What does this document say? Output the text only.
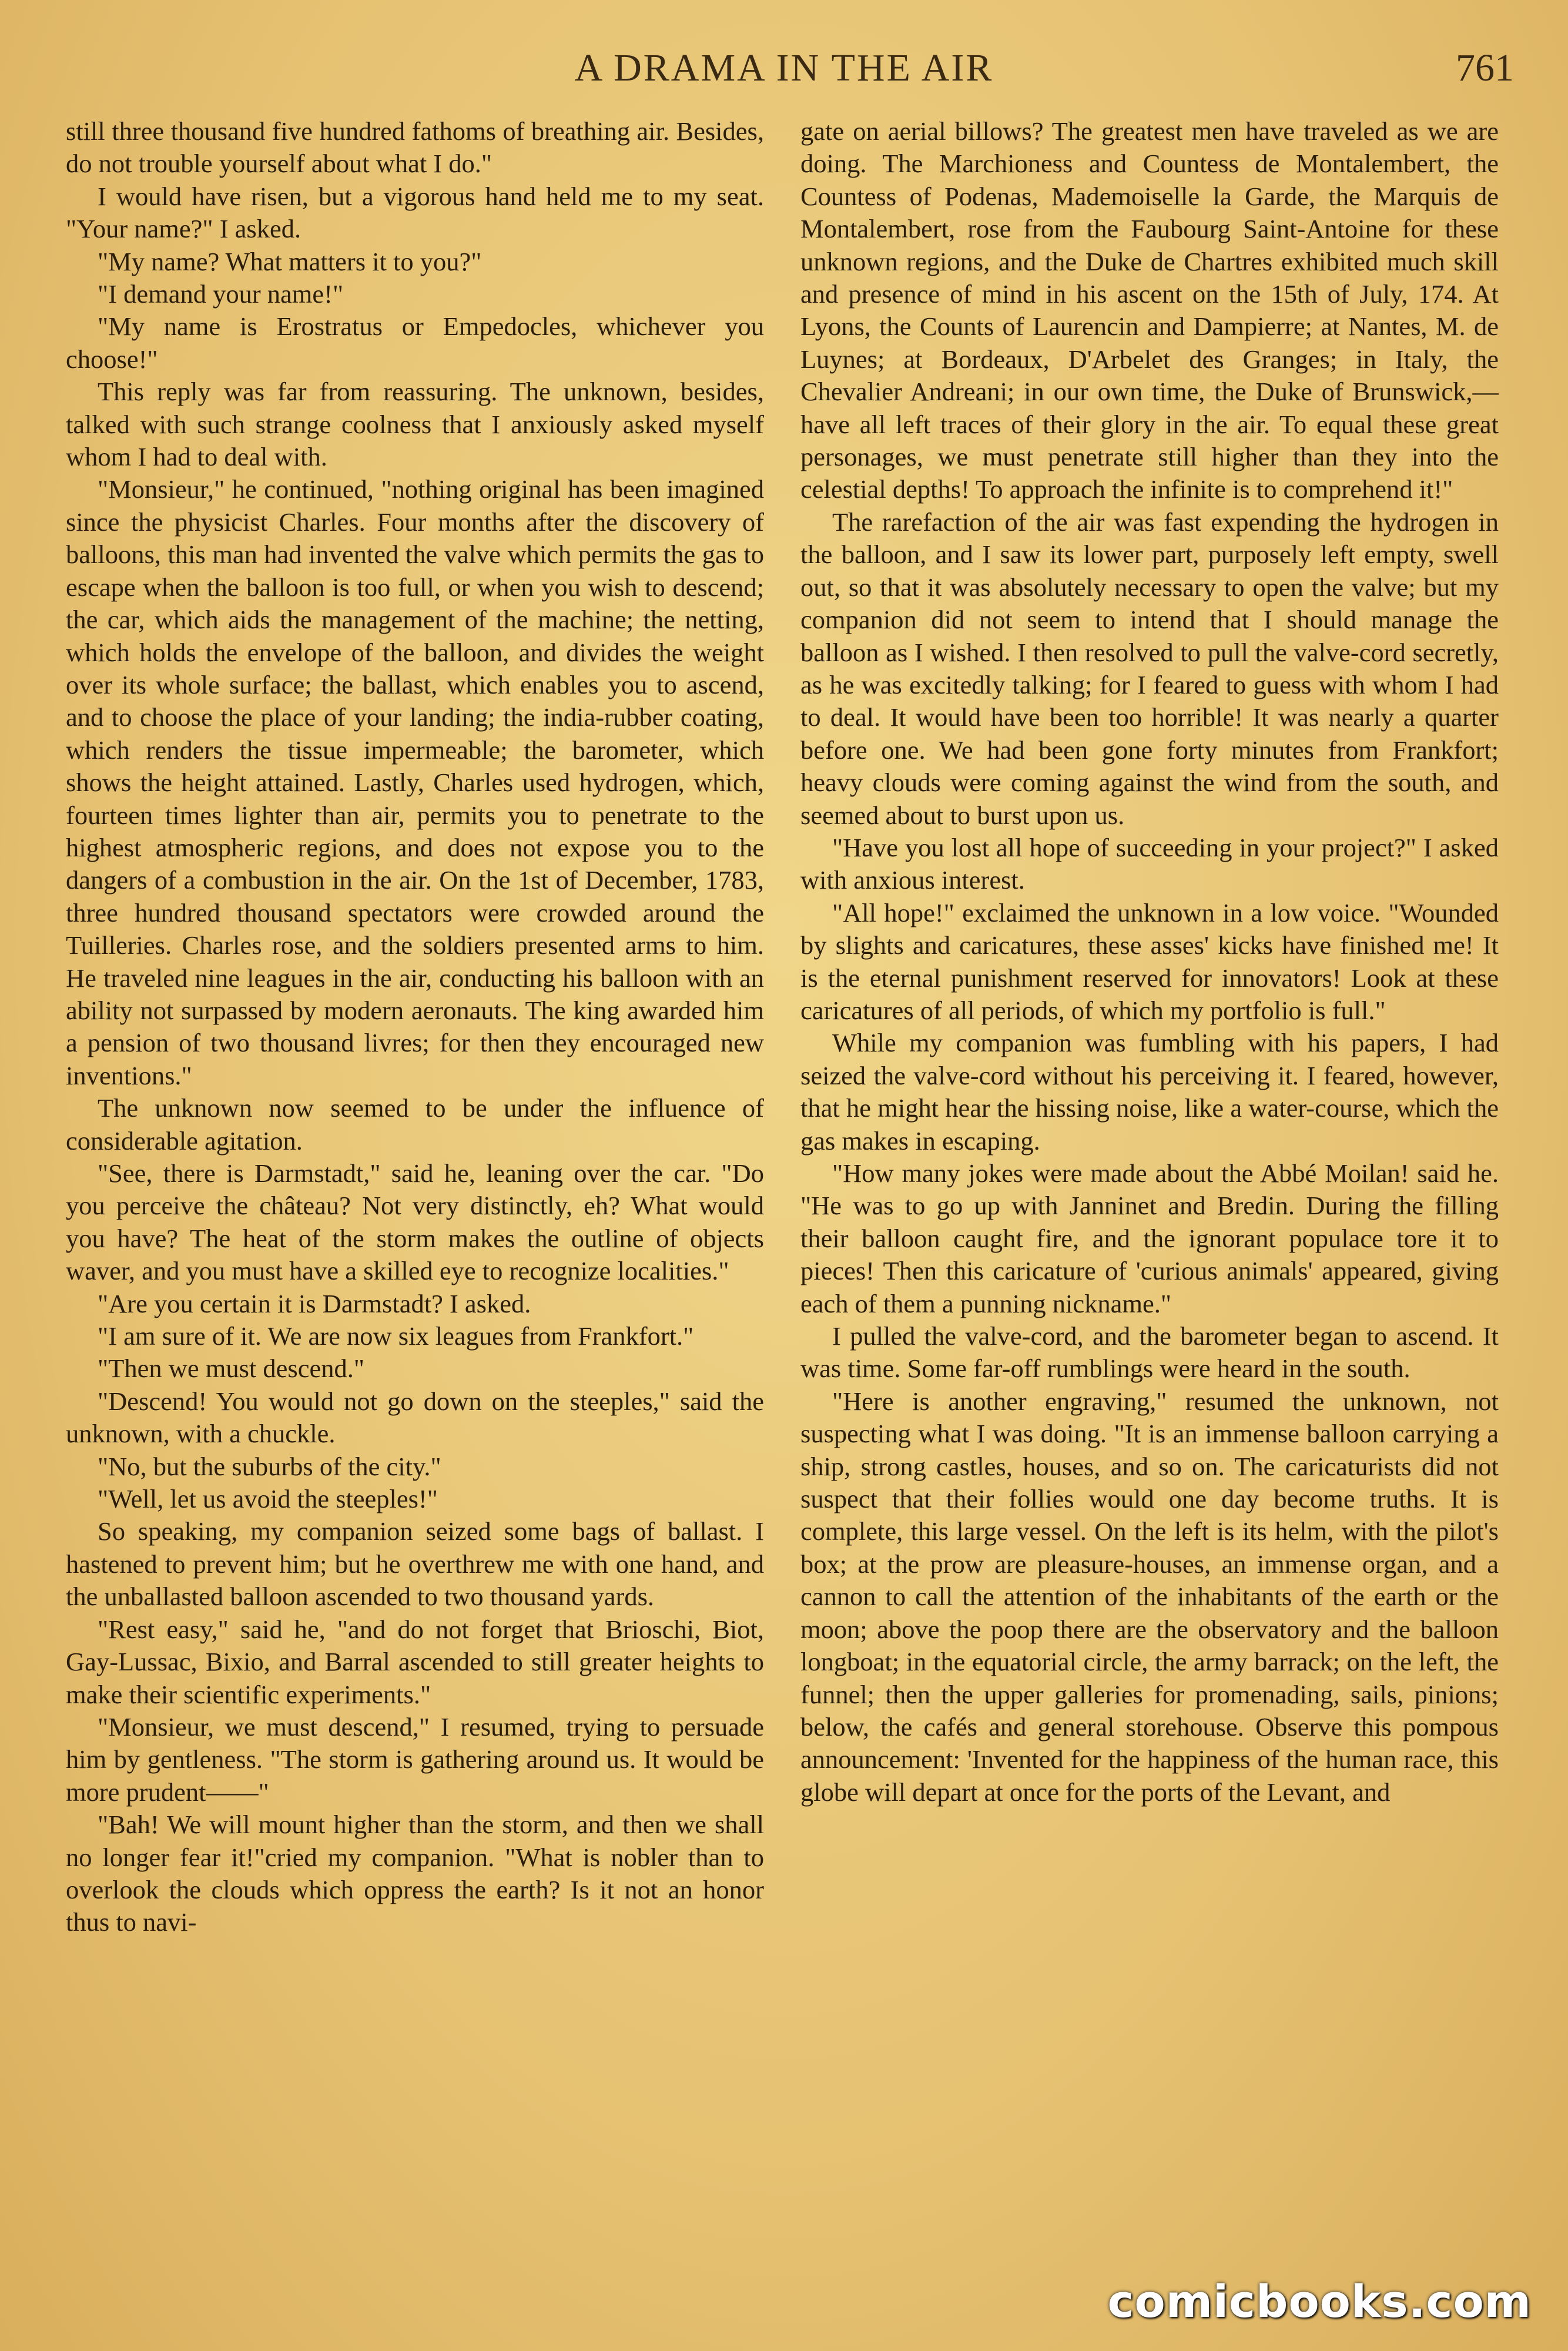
A DRAMA IN THE AIR	761

still three thousand five hundred fathoms of breathing air. Besides, do not trouble yourself about what I do."

I would have risen, but a vigorous hand held me to my seat. "Your name?" I asked.

"My name? What matters it to you?"

"I demand your name!"

"My name is Erostratus or Empedocles, whichever you choose!"

This reply was far from reassuring. The unknown, besides, talked with such strange coolness that I anxiously asked myself whom I had to deal with.

"Monsieur," he continued, "nothing original has been imagined since the physicist Charles. Four months after the discovery of balloons, this man had invented the valve which permits the gas to escape when the balloon is too full, or when you wish to descend; the car, which aids the management of the machine; the netting, which holds the envelope of the balloon, and divides the weight over its whole surface; the ballast, which enables you to ascend, and to choose the place of your landing; the india-rubber coating, which renders the tissue impermeable; the barometer, which shows the height attained. Lastly, Charles used hydrogen, which, fourteen times lighter than air, permits you to penetrate to the highest atmospheric regions, and does not expose you to the dangers of a combustion in the air. On the 1st of December, 1783, three hundred thousand spectators were crowded around the Tuilleries. Charles rose, and the soldiers presented arms to him. He traveled nine leagues in the air, conducting his balloon with an ability not surpassed by modern aeronauts. The king awarded him a pension of two thousand livres; for then they encouraged new inventions."

The unknown now seemed to be under the influence of considerable agitation.

"See, there is Darmstadt," said he, leaning over the car. "Do you perceive the château? Not very distinctly, eh? What would you have? The heat of the storm makes the outline of objects waver, and you must have a skilled eye to recognize localities."

"Are you certain it is Darmstadt? I asked.

"I am sure of it. We are now six leagues from Frankfort."

"Then we must descend."

"Descend! You would not go down on the steeples," said the unknown, with a chuckle.

"No, but the suburbs of the city."

"Well, let us avoid the steeples!"

So speaking, my companion seized some bags of ballast. I hastened to prevent him; but he overthrew me with one hand, and the unballasted balloon ascended to two thousand yards.

"Rest easy," said he, "and do not forget that Brioschi, Biot, Gay-Lussac, Bixio, and Barral ascended to still greater heights to make their scientific experiments."

"Monsieur, we must descend," I resumed, trying to persuade him by gentleness. "The storm is gathering around us. It would be more prudent——"

"Bah! We will mount higher than the storm, and then we shall no longer fear it!"cried my companion. "What is nobler than to overlook the clouds which oppress the earth? Is it not an honor thus to navi-

gate on aerial billows? The greatest men have traveled as we are doing. The Marchioness and Countess de Montalembert, the Countess of Podenas, Mademoiselle la Garde, the Marquis de Montalembert, rose from the Faubourg Saint-Antoine for these unknown regions, and the Duke de Chartres exhibited much skill and presence of mind in his ascent on the 15th of July, 174. At Lyons, the Counts of Laurencin and Dampierre; at Nantes, M. de Luynes; at Bordeaux, D'Arbelet des Granges; in Italy, the Chevalier Andreani; in our own time, the Duke of Brunswick,—have all left traces of their glory in the air. To equal these great personages, we must penetrate still higher than they into the celestial depths! To approach the infinite is to comprehend it!"

The rarefaction of the air was fast expending the hydrogen in the balloon, and I saw its lower part, purposely left empty, swell out, so that it was absolutely necessary to open the valve; but my companion did not seem to intend that I should manage the balloon as I wished. I then resolved to pull the valve-cord secretly, as he was excitedly talking; for I feared to guess with whom I had to deal. It would have been too horrible! It was nearly a quarter before one. We had been gone forty minutes from Frankfort; heavy clouds were coming against the wind from the south, and seemed about to burst upon us.

"Have you lost all hope of succeeding in your project?" I asked with anxious interest.

"All hope!" exclaimed the unknown in a low voice. "Wounded by slights and caricatures, these asses' kicks have finished me! It is the eternal punishment reserved for innovators! Look at these caricatures of all periods, of which my portfolio is full."

While my companion was fumbling with his papers, I had seized the valve-cord without his perceiving it. I feared, however, that he might hear the hissing noise, like a water-course, which the gas makes in escaping.

"How many jokes were made about the Abbé Moilan! said he. "He was to go up with Janninet and Bredin. During the filling their balloon caught fire, and the ignorant populace tore it to pieces! Then this caricature of 'curious animals' appeared, giving each of them a punning nickname."

I pulled the valve-cord, and the barometer began to ascend. It was time. Some far-off rumblings were heard in the south.

"Here is another engraving," resumed the unknown, not suspecting what I was doing. "It is an immense balloon carrying a ship, strong castles, houses, and so on. The caricaturists did not suspect that their follies would one day become truths. It is complete, this large vessel. On the left is its helm, with the pilot's box; at the prow are pleasure-houses, an immense organ, and a cannon to call the attention of the inhabitants of the earth or the moon; above the poop there are the observatory and the balloon longboat; in the equatorial circle, the army barrack; on the left, the funnel; then the upper galleries for promenading, sails, pinions; below, the cafés and general storehouse. Observe this pompous announcement: 'Invented for the happiness of the human race, this globe will depart at once for the ports of the Levant, and

comicbooks.com
